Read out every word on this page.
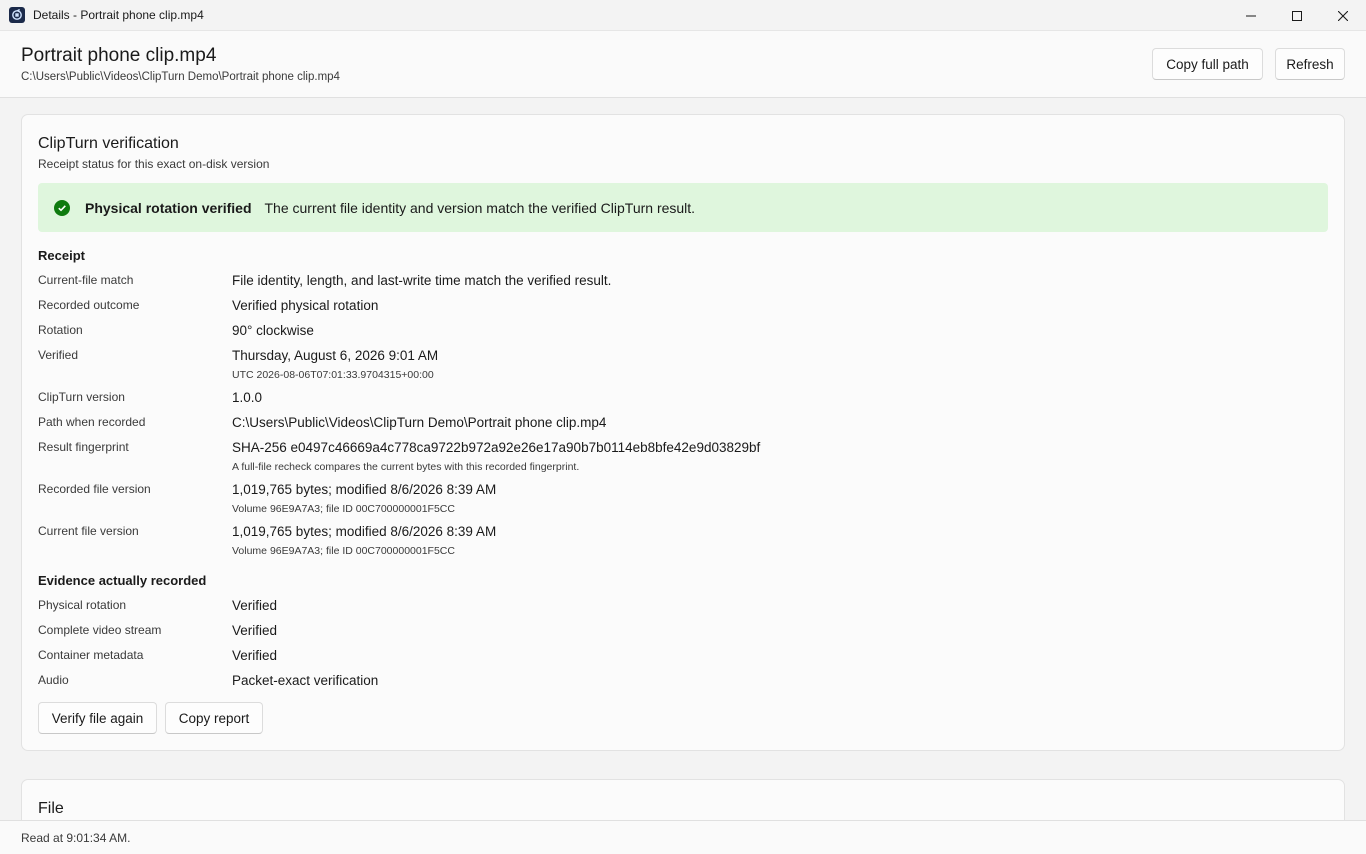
Details - Portrait phone clip.mp4
Portrait phone clip.mp4
C:\Users\Public\Videos\ClipTurn Demo\Portrait phone clip.mp4
Copy full path	Refresh
ClipTurn verification
Receipt status for this exact on-disk version
Physical rotation verified The current file identity and version match the verified ClipTurn result.
Receipt
Current-file match	File identity, length, and last-write time match the verified result.
Recorded outcome	Verified physical rotation
Rotation	90° clockwise
Verified	Thursday, August 6, 2026 9:01 AM
UTC 2026-08-06T07:01:33.9704315+00:00
ClipTurn version	1.0.0
Path when recorded	C:\Users\Public\Videos\ClipTurn Demo\Portrait phone clip.mp4
Result fingerprint	SHA-256 e0497c46669a4c778ca9722b972a92e26e17a90b7b0114eb8bfe42e9d03829bf
A full-file recheck compares the current bytes with this recorded fingerprint.
Recorded file version	1,019,765 bytes; modified 8/6/2026 8:39 AM
Volume 96E9A7A3; file ID 00C700000001F5CC
Current file version	1,019,765 bytes; modified 8/6/2026 8:39 AM
Volume 96E9A7A3; file ID 00C700000001F5CC
Evidence actually recorded
Physical rotation	Verified
Complete video stream	Verified
Container metadata	Verified
Audio	Packet-exact verification
Verify file again	Copy report
File
Read at 9:01:34 AM.
